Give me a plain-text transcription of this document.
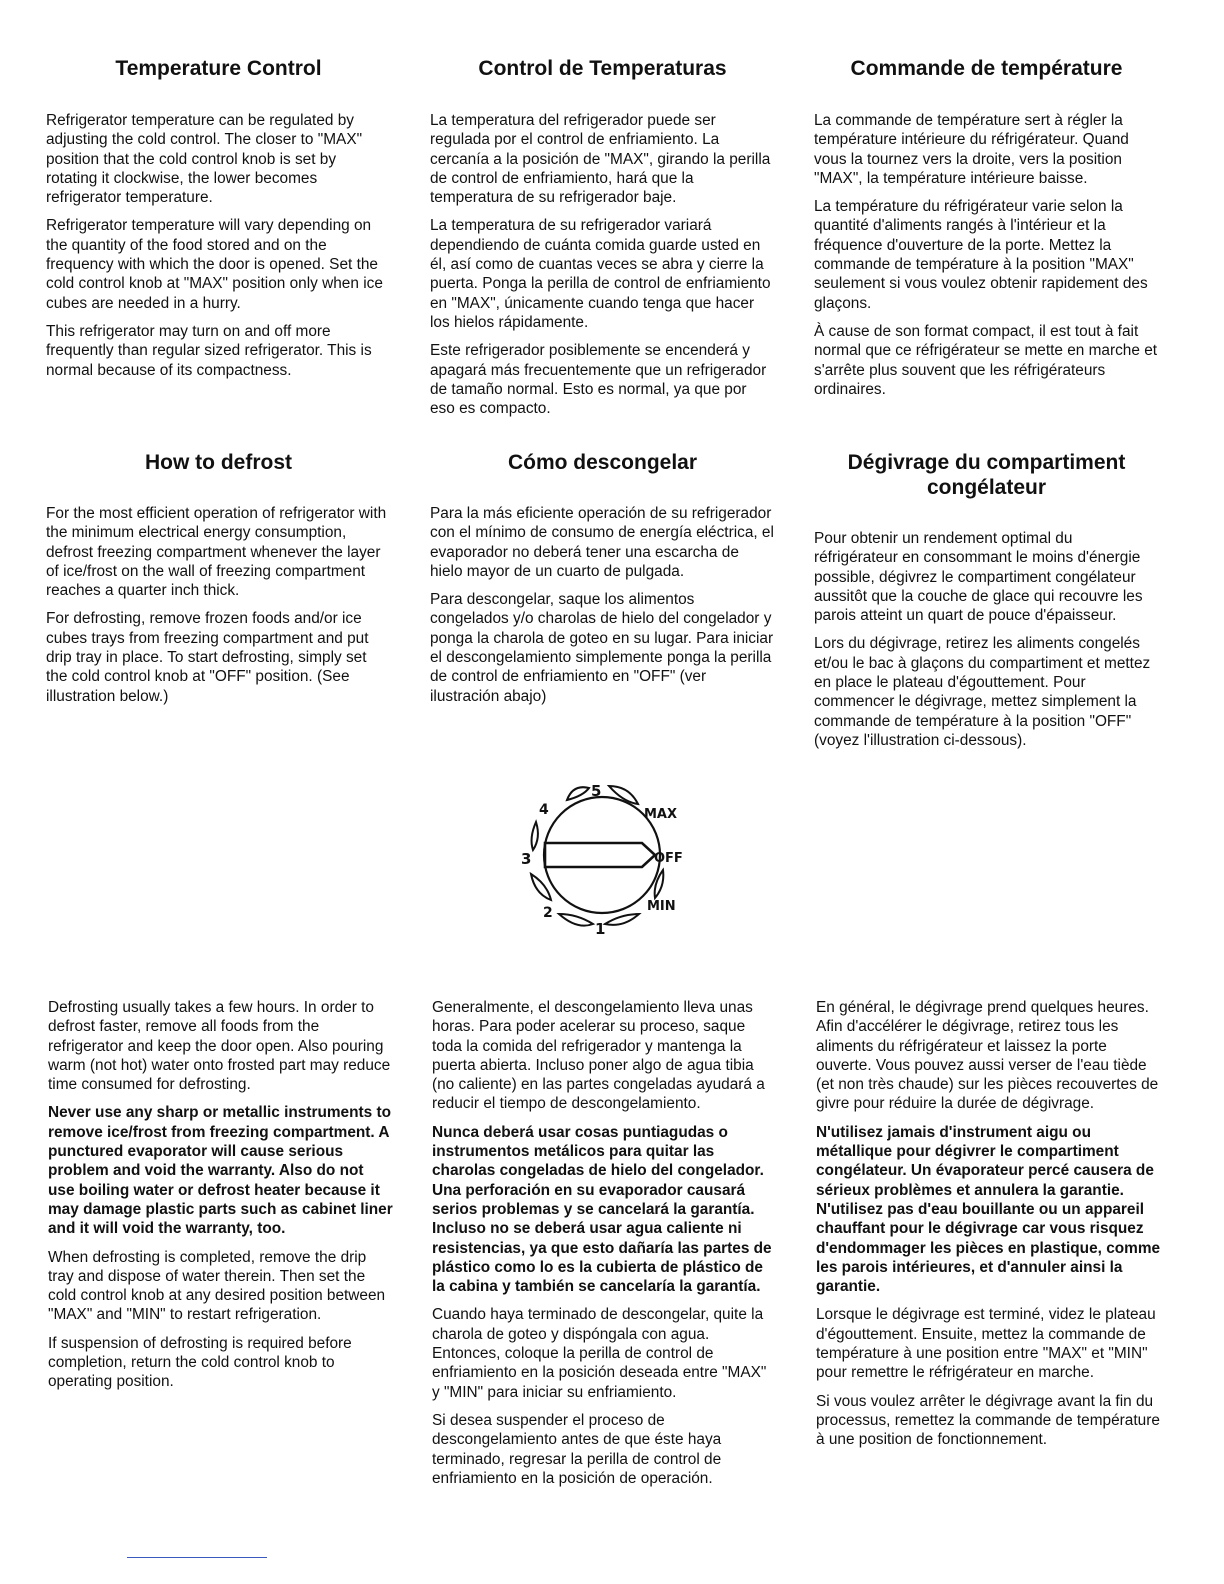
Temperature Control

Refrigerator temperature can be regulated by adjusting the cold control. The closer to "MAX" position that the cold control knob is set by rotating it clockwise, the lower becomes refrigerator temperature.

Refrigerator temperature will vary depending on the quantity of the food stored and on the frequency with which the door is opened. Set the cold control knob at "MAX" position only when ice cubes are needed in a hurry.

This refrigerator may turn on and off more frequently than regular sized refrigerator. This is normal because of its compactness.

Control de Temperaturas

La temperatura del refrigerador puede ser regulada por el control de enfriamiento. La cercanía a la posición de "MAX", girando la perilla de control de enfriamiento, hará que la temperatura de su refrigerador baje.

La temperatura de su refrigerador variará dependiendo de cuánta comida guarde usted en él, así como de cuantas veces se abra y cierre la puerta. Ponga la perilla de control de enfriamiento en "MAX", únicamente cuando tenga que hacer los hielos rápidamente.

Este refrigerador posiblemente se encenderá y apagará más frecuentemente que un refrigerador de tamaño normal. Esto es normal, ya que por eso es compacto.

Commande de température

La commande de température sert à régler la température intérieure du réfrigérateur. Quand vous la tournez vers la droite, vers la position "MAX", la température intérieure baisse.

La température du réfrigérateur varie selon la quantité d'aliments rangés à l'intérieur et la fréquence d'ouverture de la porte. Mettez la commande de température à la position "MAX" seulement si vous voulez obtenir rapidement des glaçons.

À cause de son format compact, il est tout à fait normal que ce réfrigérateur se mette en marche et s'arrête plus souvent que les réfrigérateurs ordinaires.

How to defrost

For the most efficient operation of refrigerator with the minimum electrical energy consumption, defrost freezing compartment whenever the layer of ice/frost on the wall of freezing compartment reaches a quarter inch thick.

For defrosting, remove frozen foods and/or ice cubes trays from freezing compartment and put drip tray in place. To start defrosting, simply set the cold control knob at "OFF" position. (See illustration below.)

Cómo descongelar

Para la más eficiente operación de su refrigerador con el mínimo de consumo de energía eléctrica, el evaporador no deberá tener una escarcha de hielo mayor de un cuarto de pulgada.

Para descongelar, saque los alimentos congelados y/o charolas de hielo del congelador y ponga la charola de goteo en su lugar. Para iniciar el descongelamiento simplemente ponga la perilla de control de enfriamiento en "OFF" (ver ilustración abajo)

Dégivrage du compartiment congélateur

Pour obtenir un rendement optimal du réfrigérateur en consommant le moins d'énergie possible, dégivrez le compartiment congélateur aussitôt que la couche de glace qui recouvre les parois atteint un quart de pouce d'épaisseur.

Lors du dégivrage, retirez les aliments congelés et/ou le bac à glaçons du compartiment et mettez en place le plateau d'égouttement. Pour commencer le dégivrage, mettez simplement la commande de température à la position "OFF" (voyez l'illustration ci-dessous).

5
4	MAX
3	OFF
2	MIN
1

Defrosting usually takes a few hours. In order to defrost faster, remove all foods from the refrigerator and keep the door open. Also pouring warm (not hot) water onto frosted part may reduce time consumed for defrosting.

Never use any sharp or metallic instruments to remove ice/frost from freezing compartment. A punctured evaporator will cause serious problem and void the warranty. Also do not use boiling water or defrost heater because it may damage plastic parts such as cabinet liner and it will void the warranty, too.

When defrosting is completed, remove the drip tray and dispose of water therein. Then set the cold control knob at any desired position between "MAX" and "MIN" to restart refrigeration.

If suspension of defrosting is required before completion, return the cold control knob to operating position.

Generalmente, el descongelamiento lleva unas horas. Para poder acelerar su proceso, saque toda la comida del refrigerador y mantenga la puerta abierta. Incluso poner algo de agua tibia (no caliente) en las partes congeladas ayudará a reducir el tiempo de descongelamiento.

Nunca deberá usar cosas puntiagudas o instrumentos metálicos para quitar las charolas congeladas de hielo del congelador. Una perforación en su evaporador causará serios problemas y se cancelará la garantía. Incluso no se deberá usar agua caliente ni resistencias, ya que esto dañaría las partes de plástico como lo es la cubierta de plástico de la cabina y también se cancelaría la garantía.

Cuando haya terminado de descongelar, quite la charola de goteo y dispóngala con agua. Entonces, coloque la perilla de control de enfriamiento en la posición deseada entre "MAX" y "MIN" para iniciar su enfriamiento.

Si desea suspender el proceso de descongelamiento antes de que éste haya terminado, regresar la perilla de control de enfriamiento en la posición de operación.

En général, le dégivrage prend quelques heures. Afin d'accélérer le dégivrage, retirez tous les aliments du réfrigérateur et laissez la porte ouverte. Vous pouvez aussi verser de l'eau tiède (et non très chaude) sur les pièces recouvertes de givre pour réduire la durée de dégivrage.

N'utilisez jamais d'instrument aigu ou métallique pour dégivrer le compartiment congélateur. Un évaporateur percé causera de sérieux problèmes et annulera la garantie. N'utilisez pas d'eau bouillante ou un appareil chauffant pour le dégivrage car vous risquez d'endommager les pièces en plastique, comme les parois intérieures, et d'annuler ainsi la garantie.

Lorsque le dégivrage est terminé, videz le plateau d'égouttement. Ensuite, mettez la commande de température à une position entre "MAX" et "MIN" pour remettre le réfrigérateur en marche.

Si vous voulez arrêter le dégivrage avant la fin du processus, remettez la commande de température à une position de fonctionnement.
